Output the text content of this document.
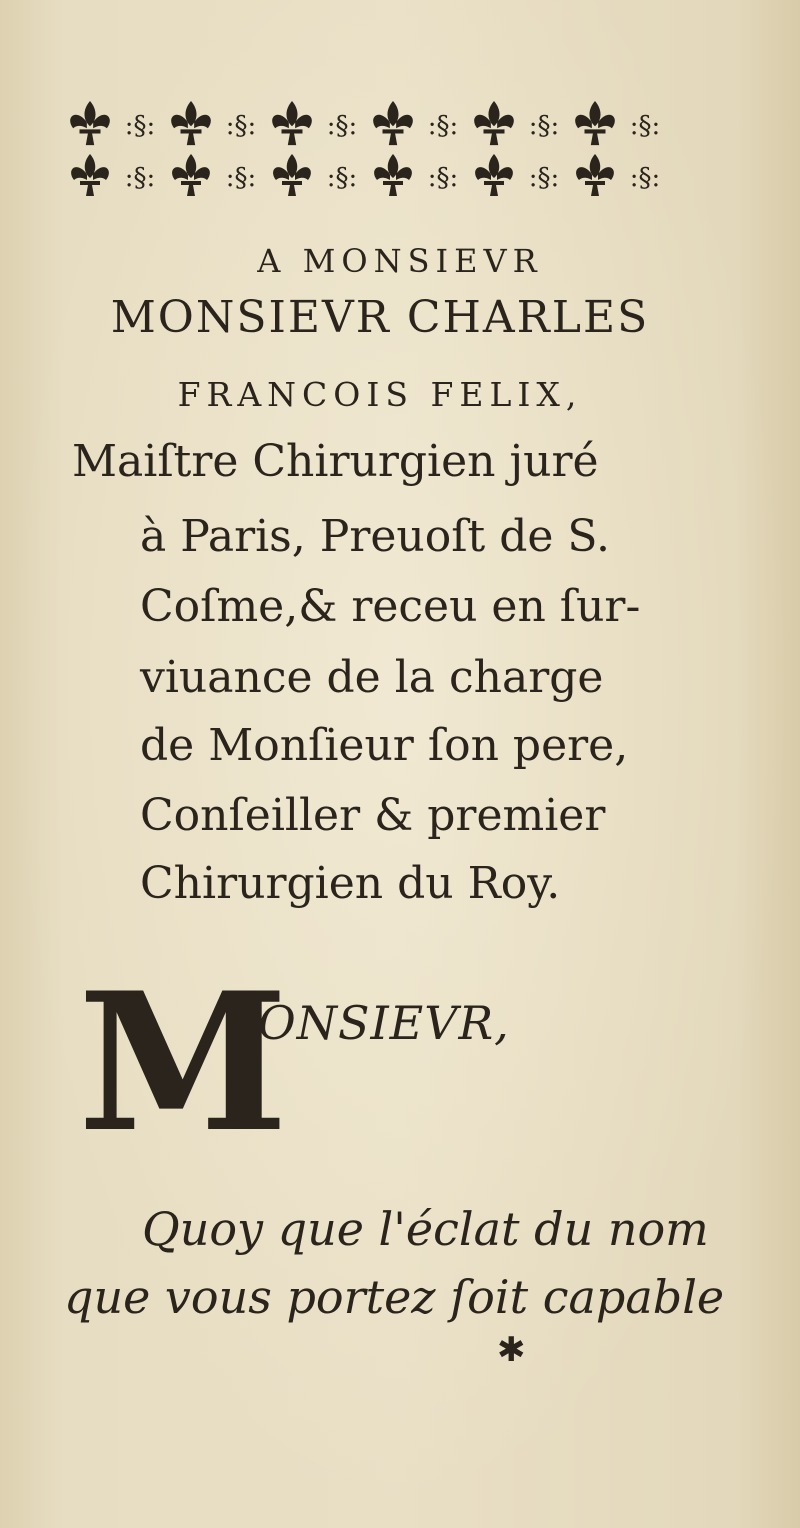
:§:
:§:
:§:
:§:
:§:
:§:
:§:
:§:
:§:
:§:
:§:
:§:
A MONSIEVR
MONSIEVR CHARLES
FRANCOIS FELIX,
Maiſtre Chirurgien juré
à Paris, Preuoſt de S.
Coſme,& receu en ſur-
viuance de la charge
de Monſieur ſon pere,
Conſeiller & premier
Chirurgien du Roy.
M
ONSIEVR,
Quoy que l'éclat du nom
que vous portez ſoit capable
✱
